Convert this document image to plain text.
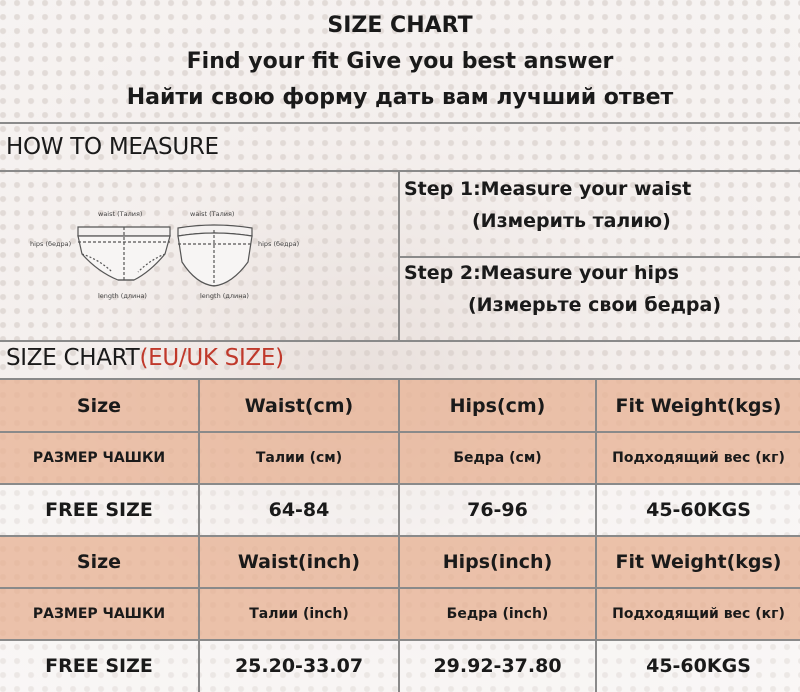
SIZE CHART
Find your fit Give you best answer
Найти свою форму дать вам лучший ответ
HOW TO MEASURE
waist (Талия)	waist (Талия)
hips (бедра)	hips (бедра)
length (длина)	length (длина)
Step 1:Measure your waist
(Измерить талию)
Step 2:Measure your hips
(Измерьте свои бедра)
SIZE CHART(EU/UK SIZE)
Size	Waist(cm)	Hips(cm)	Fit Weight(kgs)
РАЗМЕР ЧАШКИ	Талии (см)	Бедра (см)	Подходящий вес (кг)
FREE SIZE	64-84	76-96	45-60KGS
Size	Waist(inch)	Hips(inch)	Fit Weight(kgs)
РАЗМЕР ЧАШКИ	Талии (inch)	Бедра (inch)	Подходящий вес (кг)
FREE SIZE	25.20-33.07	29.92-37.80	45-60KGS
